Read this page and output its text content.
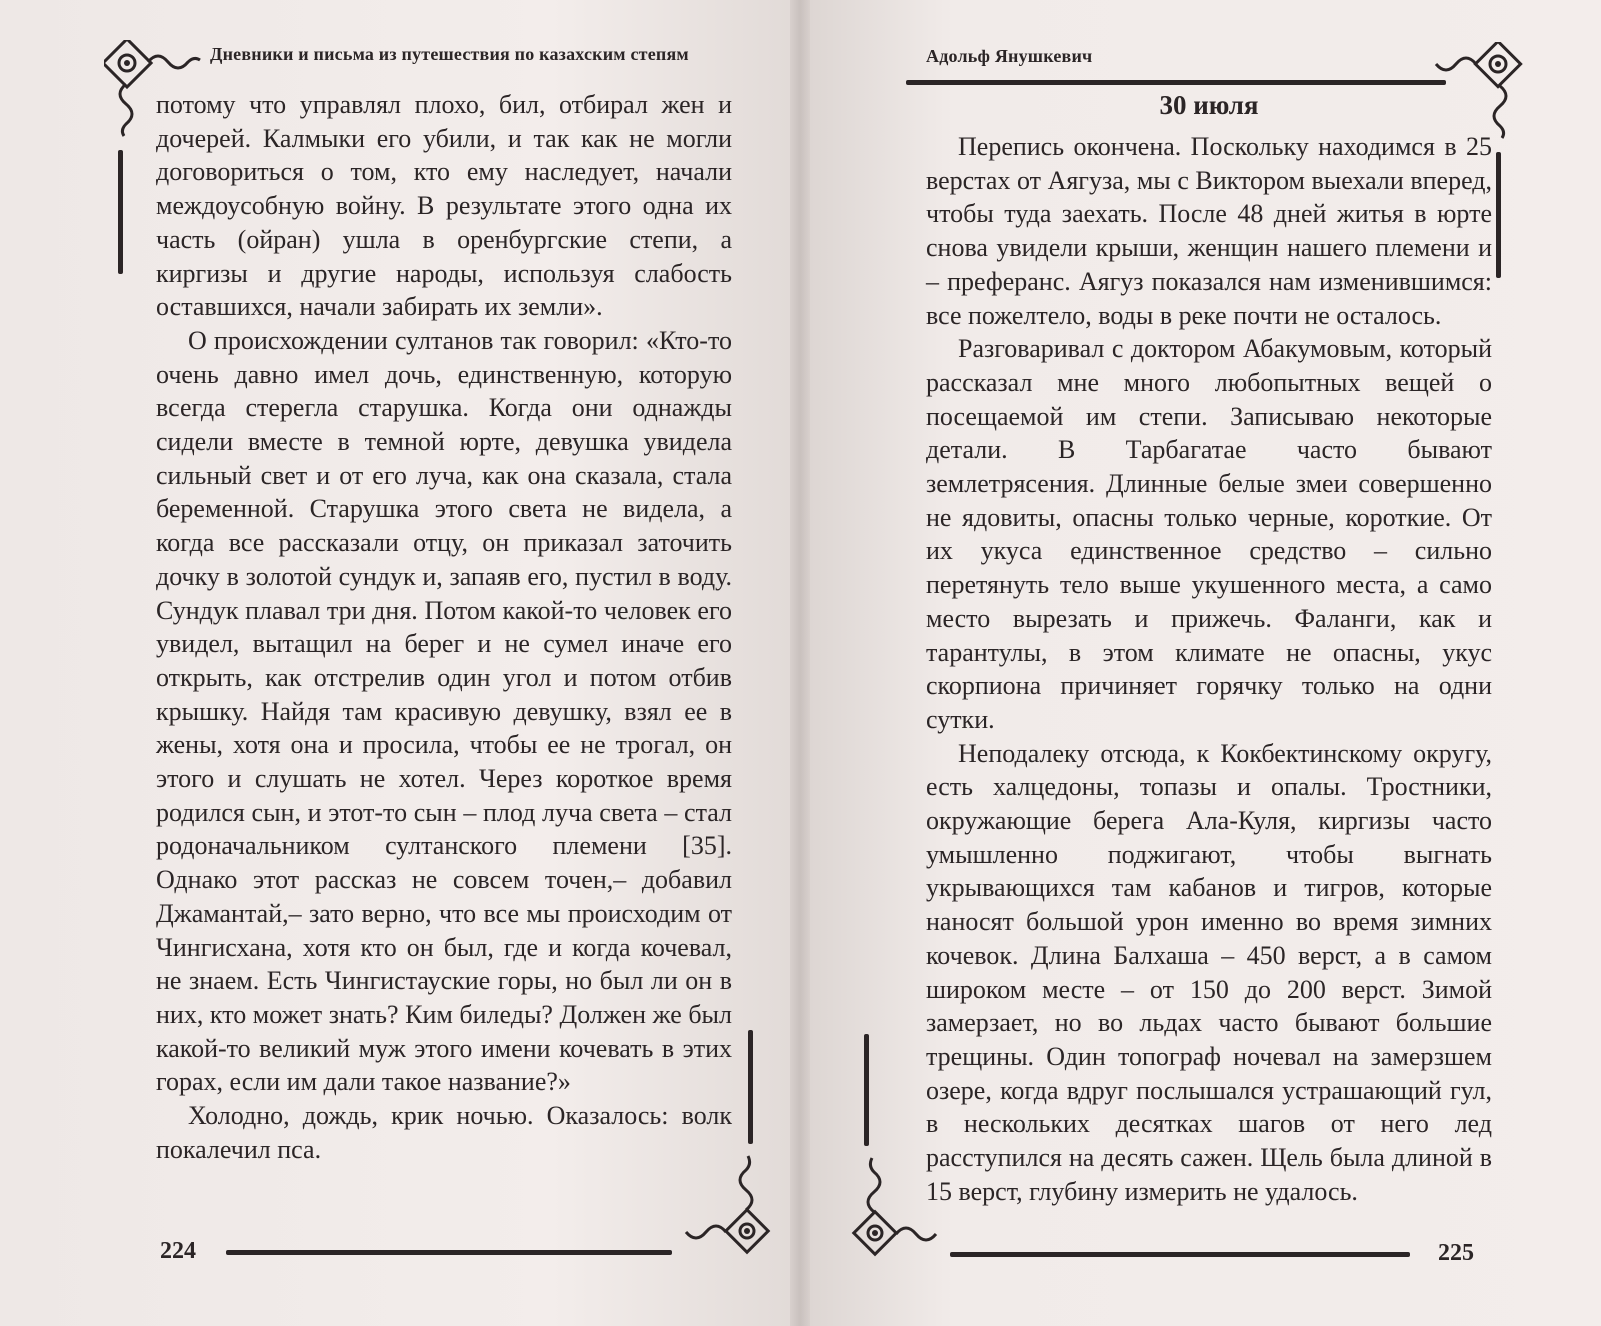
Дневники и письма из путешествия по казахским степям

потому что управлял плохо, бил, отбирал жен и дочерей. Калмыки его убили, и так как не могли договориться о том, кто ему наследует, начали междоусобную войну. В результате этого одна их часть (ойран) ушла в оренбургские степи, а киргизы и другие народы, используя слабость оставшихся, начали забирать их земли».

О происхождении султанов так говорил: «Кто-то очень давно имел дочь, единственную, которую всегда стерегла старушка. Когда они однажды сидели вместе в темной юрте, девушка увидела сильный свет и от его луча, как она сказала, стала беременной. Старушка этого света не видела, а когда все рассказали отцу, он приказал заточить дочку в золотой сундук и, запаяв его, пустил в воду. Сундук плавал три дня. Потом какой-то человек его увидел, вытащил на берег и не сумел иначе его открыть, как отстрелив один угол и потом отбив крышку. Найдя там красивую девушку, взял ее в жены, хотя она и просила, чтобы ее не трогал, он этого и слушать не хотел. Через короткое время родился сын, и этот-то сын – плод луча света – стал родоначальником султанского племени [35]. Однако этот рассказ не совсем точен,– добавил Джамантай,– зато верно, что все мы происходим от Чингисхана, хотя кто он был, где и когда кочевал, не знаем. Есть Чингистауские горы, но был ли он в них, кто может знать? Ким биледы? Должен же был какой-то великий муж этого имени кочевать в этих горах, если им дали такое название?»

Холодно, дождь, крик ночью. Оказалось: волк покалечил пса.

224
Адольф Янушкевич
30 июля

Перепись окончена. Поскольку находимся в 25 верстах от Аягуза, мы с Виктором выехали вперед, чтобы туда заехать. После 48 дней житья в юрте снова увидели крыши, женщин нашего племени и – преферанс. Аягуз показался нам изменившимся: все пожелтело, воды в реке почти не осталось.

Разговаривал с доктором Абакумовым, который рассказал мне много любопытных вещей о посещаемой им степи. Записываю некоторые детали. В Тарбагатае часто бывают землетрясения. Длинные белые змеи совершенно не ядовиты, опасны только черные, короткие. От их укуса единственное средство – сильно перетянуть тело выше укушенного места, а само место вырезать и прижечь. Фаланги, как и тарантулы, в этом климате не опасны, укус скорпиона причиняет горячку только на одни сутки.

Неподалеку отсюда, к Кокбектинскому округу, есть халцедоны, топазы и опалы. Тростники, окружающие берега Ала-Куля, киргизы часто умышленно поджигают, чтобы выгнать укрывающихся там кабанов и тигров, которые наносят большой урон именно во время зимних кочевок. Длина Балхаша – 450 верст, а в самом широком месте – от 150 до 200 верст. Зимой замерзает, но во льдах часто бывают большие трещины. Один топограф ночевал на замерзшем озере, когда вдруг послышался устрашающий гул, в нескольких десятках шагов от него лед расступился на десять сажен. Щель была длиной в 15 верст, глубину измерить не удалось.

225
